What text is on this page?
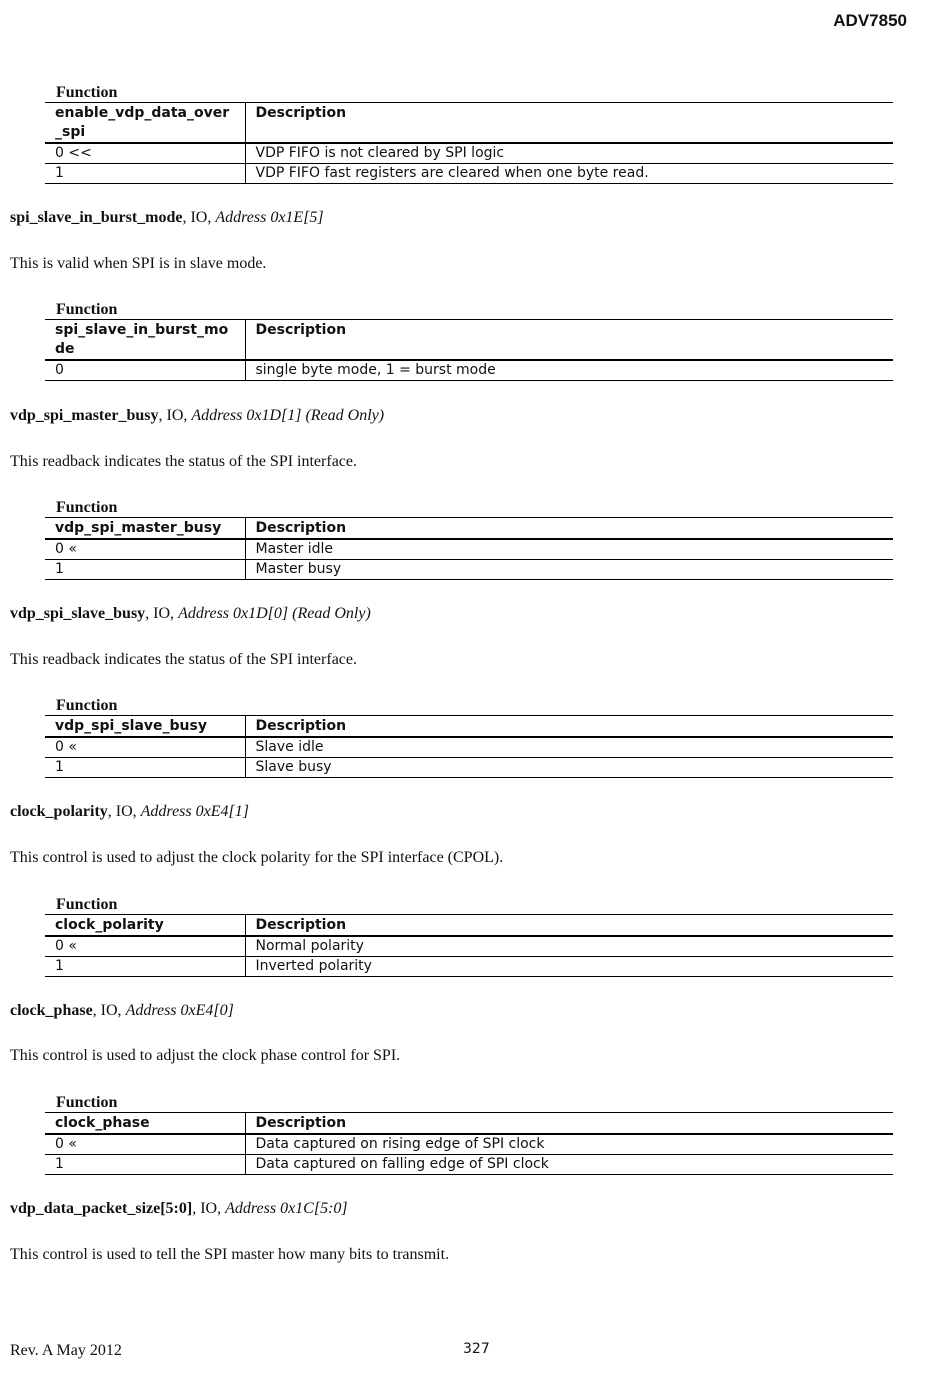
ADV7850
Function
enable_vdp_data_over_spi	Description
0 <<	VDP FIFO is not cleared by SPI logic
1	VDP FIFO fast registers are cleared when one byte read.
spi_slave_in_burst_mode, IO, Address 0x1E[5]
This is valid when SPI is in slave mode.
Function
spi_slave_in_burst_mode	Description
0	single byte mode, 1 = burst mode
vdp_spi_master_busy, IO, Address 0x1D[1] (Read Only)
This readback indicates the status of the SPI interface.
Function
vdp_spi_master_busy	Description
0 «	Master idle
1	Master busy
vdp_spi_slave_busy, IO, Address 0x1D[0] (Read Only)
This readback indicates the status of the SPI interface.
Function
vdp_spi_slave_busy	Description
0 «	Slave idle
1	Slave busy
clock_polarity, IO, Address 0xE4[1]
This control is used to adjust the clock polarity for the SPI interface (CPOL).
Function
clock_polarity	Description
0 «	Normal polarity
1	Inverted polarity
clock_phase, IO, Address 0xE4[0]
This control is used to adjust the clock phase control for SPI.
Function
clock_phase	Description
0 «	Data captured on rising edge of SPI clock
1	Data captured on falling edge of SPI clock
vdp_data_packet_size[5:0], IO, Address 0x1C[5:0]
This control is used to tell the SPI master how many bits to transmit.
Rev. A May 2012	327
